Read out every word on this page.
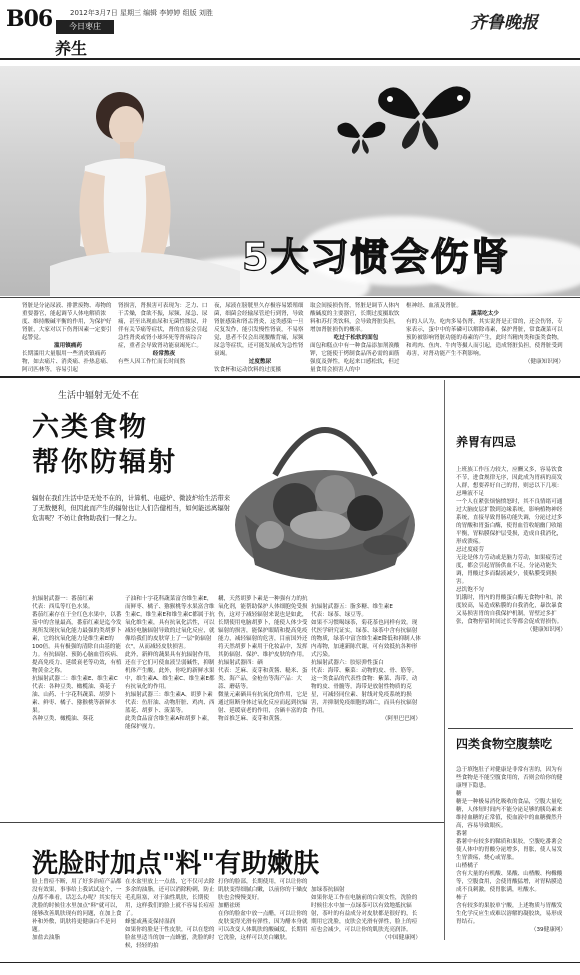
B06	2012年3月7日 星期三 编辑 李婷婷 组版 刘胜
今日枣庄
养生
齐鲁晚报
5大习惯会伤肾
肾脏是分泌尿液、排泄废物、毒物的重要器官，能起调节人体电解质浓度、维持酸碱平衡的作用，为保护好肾脏，大家对以下伤肾因素一定要引起警觉。
滥用镇痛药
长期滥用大量服用一些消炎镇痛药物，如去痛片、消炎痛、扑热息痛、阿司匹林等，容易引起
肾损害，肾损害可表现为：乏力、口干舌燥，食欲不振，尿频、尿急、尿痛，甚至出现血尿和无菌性脓尿，并伴有关节痛等症状，肾的直接会引起急性肾炎或肾小球坏死等肾病综合症，重者会导致肾功能衰竭死亡。
经常熬夜
有些人因工作忙而长时间熬
夜，尿液在膀胱里久存极容易繁殖细菌，细菌会经输尿管逆行到肾，导致肾脏感染和肾盂肾炎，这类感染一旦反复发作，能引发慢性肾衰，不易察觉，患者不仅会出现腰酸背痛，尿频尿急等症状，还可能发展成为急性肾衰竭。
过度憋尿
饮食杯和运动饮料的过度摄
取会间接损伤肾，肾脏是调节人体内酸碱度的主要器官，长期过度摄取饮料和苏打类饮料，会导致肾脏负担，增加肾脏损伤的概率。
吃过于松软的面包
面包和糕点中有一种食品添加剂溴酸钾，它能使于烤制食品所必需的面筋强度及弹性，吃起来口感松软，但过量食用会损害人的中
枢神经、血液及肾脏。
蔬菜吃太少
有的人认为，吃肉多易伤肾，其实说肾是正常的，还会伤肾，专家表示，蛋中中的苯磷可以解除毒素，保护肾脏，常食蔬菜可以预防被影响肾脏功能的毒素的产生，此时当精肉类和蛋类食物，和鸡肉、鱼肉、牛肉等摄人而引起，造成肾脏负担，使肾脏受到毒害，对肾功能产生不利影响。
（健康知识网）
生活中辐射无处不在
六类食物
帮你防辐射
辐射在我们生活中是无处不在的，计算机、电磁炉、微波炉给生活带来了无数便利，但因此而产生的辐射也让人们告健相当，如何能远离辐射危害呢？不妨让食物助我们一臂之力。
抗辐射武器一：番茄红素
代表：西瓜等红色水果。
番茄红素存在于全红色水果中，以番茄中的含量最高，番茄红素是迄今发现所发现抗氧化能力最强的类胡萝卜素，它的抗氧化能力是维生素E的100倍。具有极强的清除自由基的能力。有抗辐射、预防心脑血管疾病、提高免疫力、延缓衰老等功效，有植物黄金之称。
抗辐射武器二：维生素E、维生素C
代表：各种豆类、橄榄油、葵花子油、山药、十字花科蔬菜、胡萝卜素、鲜枣、橘子、猕猴桃等新鲜水果。
各种豆类、橄榄油、葵花
子油和十字花科蔬菜富含维生素E，而鲜枣、橘子、猕猴桃等水果富含维生素C，维生素E和维生素C都属于抗氧化维生素，具有抗氧化活性，可以减轻电脑辐射导致的过氧化反应，就像给我们的皮肤穿上了一层"防辐射衣"，从而减轻皮肤损害。
此外，新鲜的蔬果具有抗辐射作用，还在于它们可使血液呈弱碱性，抑制机体产生酸。此外，你吃的新鲜水果中，维生素A、维生素C、维生素E都有抗氧化的作用。
抗辐射武器三：维生素A、胡萝卜素
代表：鱼肝油、动物肝脏、鸡肉、西蓝花、胡萝卜、菠菜等。
此类食品富含维生素A和胡萝卜素，能保护视力。
耩，天然胡萝卜素是一种强有力的抗氧化剂，能帮助保护人体细胞免受损伤，这对于减轻辐射来说也是如此，长期使用电脑胡萝卜，能使人体少受辐射的损害，能保护眼睛和提高免疫能力，减轻辐射的危害，目前国外还将天然胡萝卜素用于化妆品中，发挥其防辐射、保护、维护皮肤的作用。
抗辐射武器四：硒
代表：芝麻、麦芽和黄酱、糙米、蛋类、海产品，金枪鱼等海产品：大蒜、蘑菇等。
微量元素硒具有抗氧化的作用，它是通过阻断身体过氧化反应而起到抗辐射、延缓衰老的作用，含硒丰富的食物首推芝麻、麦芽和黄酱。

抗辐射武器五：脂多糖、维生素E
代表：绿茶、绿豆等。
如果不习惯喝绿茶，菊花茶也同样有效。现代医学研究证实，绿茶、绿茶中含有抗辐射的物质，绿茶中富含维生素E降低和抑制人体内毒物，加速新陈代谢，可有效抵抗各种形式污染。
抗辐射武器六：胶原弹性蛋白
代表：海带、紫菜：动物的皮、骨、筋等。
这一类食品的代表性食物：紫菜、海带，动物的皮、骨髓等，海带是放射性物质的克星，可减轻同位素、射线对免疫系统的损害，并抑制免疫细胞的凋亡，而具有抗辐射作用。
（阿里巴巴网）

养胃有四忌

上班族工作压力较大，应酬又多，容易饮食不节，进食规律无序，因此成为胃病的高发人群，想要养好自己的胃，则忌以下几项：
忌唾液不足
一个人在紧张烦恼愤怒时，其不良情绪可通过大脑皮层扩散到边缘系统，影响植物神经系统，直接导致胃肠功能失调，分泌过过多的胃酸和胃蛋白酶，使胃血管收缩幽门收缩平衡，胃粘膜保护层受损，造成自我消化，形成溃疡。
忌过度疲劳
无论是体力劳动或是脑力劳动，如果疲劳过度，都会引起胃肠供血不足，分泌功能失调，胃酸过多而黏液减少，使粘膜受到损害。
忌饥饱不匀
饥饿时，胃内的胃酸蛋白酶无食物中和，浓度较高，易造成粘膜的自我消化，暴饮暴食又易损害胃的自我保护机制，胃壁过多扩张，食物停留时间过长等都会促成胃损伤。
（健康知识网）

四类食物空腹禁吃

急于填饱肚子对健康是非常有害的，因为有些食物是不能空腹食用的，否则会给你的健康埋下隐患。
糖
糖是一种极易消化吸收的食品，空腹大量吃糖，人体短时间内不能分泌足够的胰岛素来维持血糖的正常值，使血液中的血糖骤然升高，容易导致眼疾。
番薯
番薯中有较多的鞣质和果胶，空腹吃番薯会使人体中的胃酸分泌增多，胃胀，使人易发生胃溃疡，烧心或胃胀。
山楂橘子
含有大量的有机酸、果酸、山楂酸、枸橼酸等，空腹食用，会使胃酸猛增，对胃粘膜造成不良刺激，使胃胀满，吐酸水。
柿子
含有较多的果胶单宁酸，上述物质与胃酸发生化学反应生成难以溶解的凝胶块，易形成胃结石。
（39健康网）

洗脸时加点"料"有助嫩肤
脸上曾痘不断，用了好多治痘产品都没有效果，事事给上我试试这个，一点都不难看，话怎么办呢？其实每天洗脸的时候往水里加点"料"就可以，能够改善肌肤现有的问题，在加上食补和外敷，肌肤将更健康白不是问题。
加盐去油脂
在水盆里放上一点盐，它不仅可去除多余的油脂，还可以消除粉刺，防止毛孔阻塞，对于油性肌肤，长期使用，这样我们的脸上就不容易长痘痘了。
蜂蜜或燕麦保持湿润
如果你的脸是干性皮肤，可以在您的脸盆里适当的加一点蜂蜜，洗脸的时候，轻轻的拍
打你的脸部，长期使用，可以让你的肌肤变得细腻白嫩，以前你的干燥皮肤也会慢慢变好。
加醋祛斑
在你的脸盆中放一点醋，可以让你的皮肤变得光滑有弹性，因为醋本身就可以改变人体肌肤的酸碱度，长期用它洗脸，这样可以美白嫩肤。

加绿茶抗辐射
如果你是工作在电脑前的白领女性，洗脸的时候往水中加一点绿茶可以有效地抵抗辐射，茶叶的有益成分对皮肤都是很好的，长期用它洗脸，皮肤会光滑有弹性，脸上的痘痘也会减少，可以让你的肌肤光亮润泽。
（中国健康网）
